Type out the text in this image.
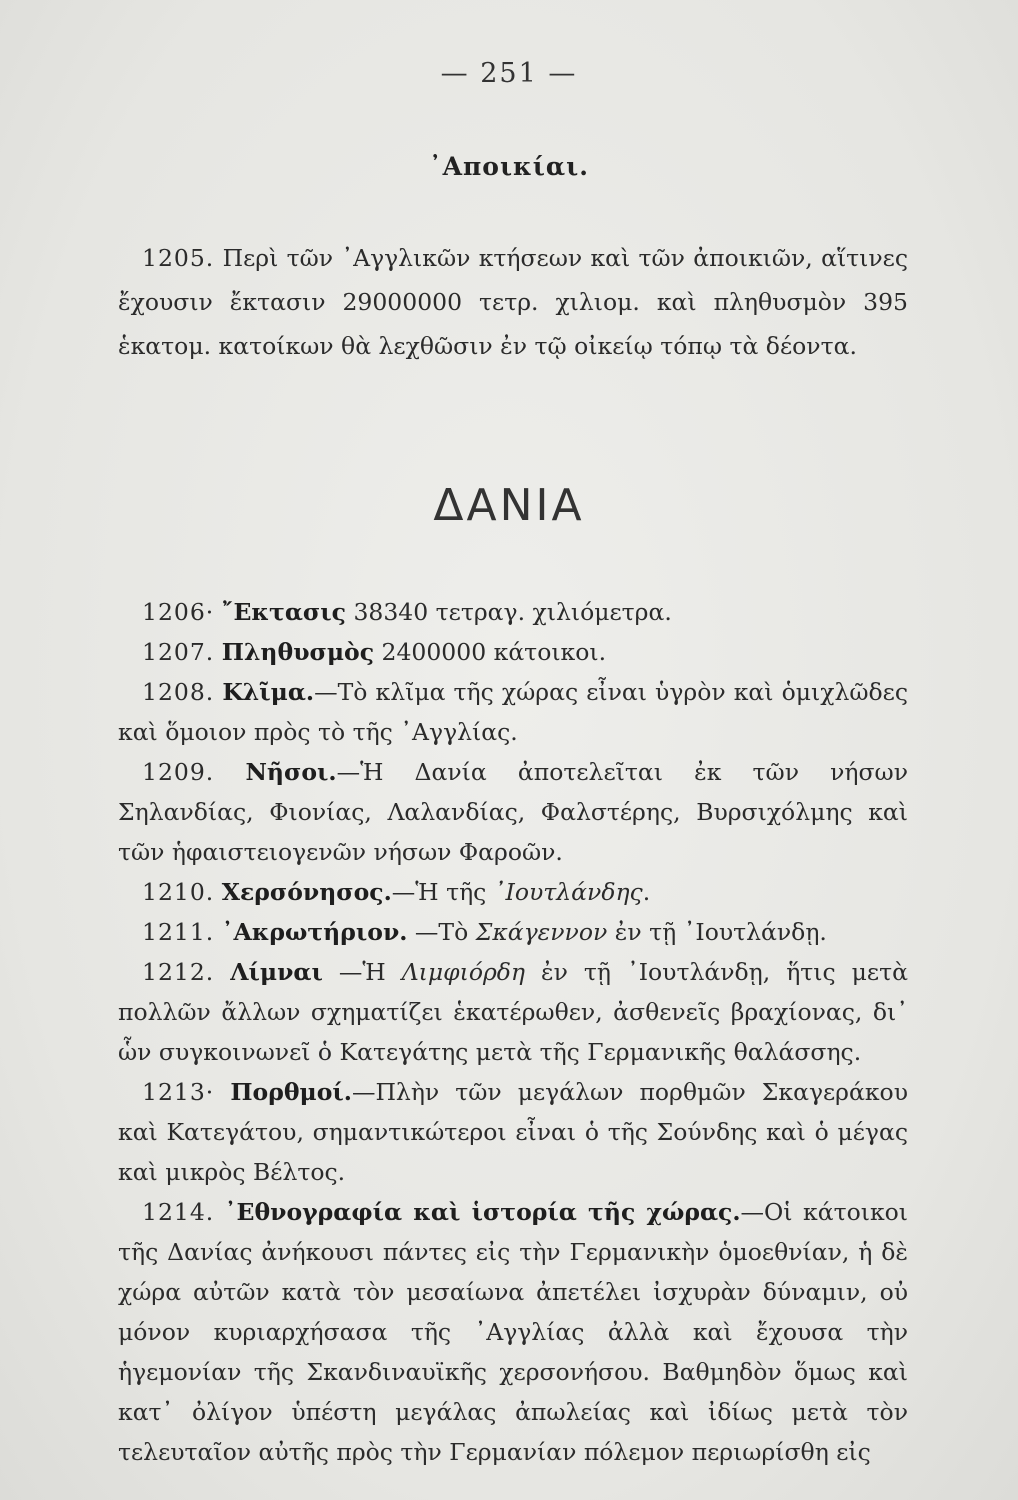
— 251 —
᾿Αποικίαι.

1205. Περὶ τῶν ᾿Αγγλικῶν κτήσεων καὶ τῶν ἀποικιῶν, αἵτινες ἔχουσιν ἔκτασιν 29000000 τετρ. χιλιομ. καὶ πληθυσμὸν 395 ἑκατομ. κατοίκων θὰ λεχθῶσιν ἐν τῷ οἰκείῳ τόπῳ τὰ δέοντα.

ΔΑΝΙΑ

1206· ῎Εκτασις 38340 τετραγ. χιλιόμετρα.

1207. Πληθυσμὸς 2400000 κάτοικοι.

1208. Κλῖμα.—Τὸ κλῖμα τῆς χώρας εἶναι ὑγρὸν καὶ ὁμιχλῶδες καὶ ὅμοιον πρὸς τὸ τῆς ᾿Αγγλίας.

1209. Νῆσοι.—Ἡ Δανία ἀποτελεῖται ἐκ τῶν νήσων Σηλανδίας, Φιονίας, Λαλανδίας, Φαλστέρης, Βυρσιχόλμης καὶ τῶν ἡφαιστειογενῶν νήσων Φαροῶν.

1210. Χερσόνησος.—Ἡ τῆς ᾿Ιουτλάνδης.

1211. ᾿Ακρωτήριον. —Τὸ Σκάγεννον ἐν τῇ ᾿Ιουτλάνδῃ.

1212. Λίμναι —Ἡ Λιμφιόρδη ἐν τῇ ᾿Ιουτλάνδῃ, ἥτις μετὰ πολλῶν ἄλλων σχηματίζει ἑκατέρωθεν, ἀσθενεῖς βραχίονας, δι᾿ ὧν συγκοινωνεῖ ὁ Κατεγάτης μετὰ τῆς Γερμανικῆς θαλάσσης.

1213· Πορθμοί.—Πλὴν τῶν μεγάλων πορθμῶν Σκαγεράκου καὶ Κατεγάτου, σημαντικώτεροι εἶναι ὁ τῆς Σούνδης καὶ ὁ μέγας καὶ μικρὸς Βέλτος.

1214. ᾿Εθνογραφία καὶ ἱστορία τῆς χώρας.—Οἱ κάτοικοι τῆς Δανίας ἀνήκουσι πάντες εἰς τὴν Γερμανικὴν ὁμοεθνίαν, ἡ δὲ χώρα αὐτῶν κατὰ τὸν μεσαίωνα ἀπετέλει ἰσχυρὰν δύναμιν, οὐ μόνον κυριαρχήσασα τῆς ᾿Αγγλίας ἀλλὰ καὶ ἔχουσα τὴν ἡγεμονίαν τῆς Σκανδιναυϊκῆς χερσονήσου. Βαθμηδὸν ὅμως καὶ κατ᾿ ὀλίγον ὑπέστη μεγάλας ἀπωλείας καὶ ἰδίως μετὰ τὸν τελευταῖον αὐτῆς πρὸς τὴν Γερμανίαν πόλεμον περιωρίσθη εἰς
